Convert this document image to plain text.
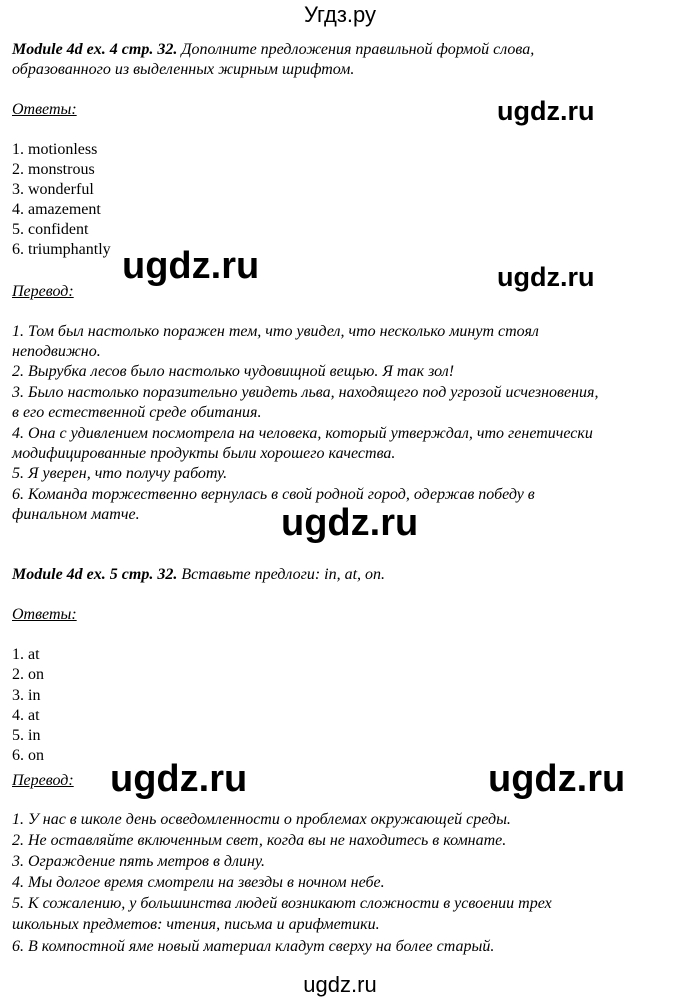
Угдз.ру
Module 4d ex. 4 стр. 32. Дополните предложения правильной формой слова,
образованного из выделенных жирным шрифтом.
Ответы:
1. motionless
2. monstrous
3. wonderful
4. amazement
5. confident
6. triumphantly
Перевод:
1. Том был настолько поражен тем, что увидел, что несколько минут стоял
неподвижно.
2. Вырубка лесов было настолько чудовищной вещью. Я так зол!
3. Было настолько поразительно увидеть льва, находящего под угрозой исчезновения,
в его естественной среде обитания.
4. Она с удивлением посмотрела на человека, который утверждал, что генетически
модифицированные продукты были хорошего качества.
5. Я уверен, что получу работу.
6. Команда торжественно вернулась в свой родной город, одержав победу в
финальном матче.
Module 4d ex. 5 стр. 32. Вставьте предлоги: in, at, on.
Ответы:
1. at
2. on
3. in
4. at
5. in
6. on
Перевод:
1. У нас в школе день осведомленности о проблемах окружающей среды.
2. Не оставляйте включенным свет, когда вы не находитесь в комнате.
3. Ограждение пять метров в длину.
4. Мы долгое время смотрели на звезды в ночном небе.
5. К сожалению, у большинства людей возникают сложности в усвоении трех
школьных предметов: чтения, письма и арифметики.
6. В компостной яме новый материал кладут сверху на более старый.
ugdz.ru
ugdz.ru	ugdz.ru
ugdz.ru
ugdz.ru	ugdz.ru
ugdz.ru
